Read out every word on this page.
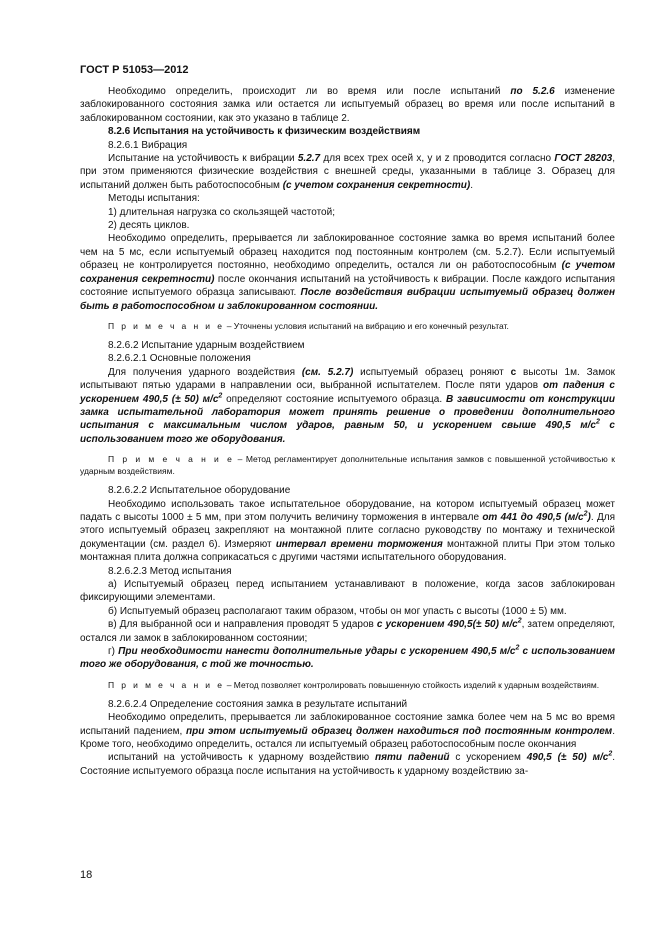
ГОСТ Р 51053—2012

Необходимо определить, происходит ли во время или после испытаний по 5.2.6 изменение заблокированного состояния замка или остается ли испытуемый образец во время или после испытаний в заблокированном состоянии, как это указано в таблице 2.

8.2.6 Испытания на устойчивость к физическим воздействиям

8.2.6.1 Вибрация

Испытание на устойчивость к вибрации 5.2.7 для всех трех осей x, y и z проводится согласно ГОСТ 28203, при этом применяются физические воздействия с внешней среды, указанными в таблице 3. Образец для испытаний должен быть работоспособным (с учетом сохранения секретности).

Методы испытания:

1) длительная нагрузка со скользящей частотой;

2) десять циклов.

Необходимо определить, прерывается ли заблокированное состояние замка во время испытаний более чем на 5 мс, если испытуемый образец находится под постоянным контролем (см. 5.2.7). Если испытуемый образец не контролируется постоянно, необходимо определить, остался ли он работоспособным (с учетом сохранения секретности) после окончания испытаний на устойчивость к вибрации. После каждого испытания состояние испытуемого образца записывают. После воздействия вибрации испытуемый образец должен быть в работоспособном и заблокированном состоянии.

П р и м е ч а н и е – Уточнены условия испытаний на вибрацию и его конечный результат.

8.2.6.2 Испытание ударным воздействием

8.2.6.2.1 Основные положения

Для получения ударного воздействия (см. 5.2.7) испытуемый образец роняют с высоты 1м. Замок испытывают пятью ударами в направлении оси, выбранной испытателем. После пяти ударов от падения с ускорением 490,5 (± 50) $м/с^2$ определяют состояние испытуемого образца. В зависимости от конструкции замка испытательной лаборатория может принять решение о проведении дополнительного испытания с максимальным числом ударов, равным 50, и ускорением свыше 490,5 $м/с^2$ с использованием того же оборудования.

П р и м е ч а н и е – Метод регламентирует дополнительные испытания замков с повышенной устойчивостью к ударным воздействиям.

8.2.6.2.2 Испытательное оборудование

Необходимо использовать такое испытательное оборудование, на котором испытуемый образец может падать с высоты 1000 ± 5 мм, при этом получить величину торможения в интервале от 441 до 490,5 $(м/с^2)$. Для этого испытуемый образец закрепляют на монтажной плите согласно руководству по монтажу и технической документации (см. раздел 6). Измеряют интервал времени торможения монтажной плиты При этом только монтажная плита должна соприкасаться с другими частями испытательного оборудования.

8.2.6.2.3 Метод испытания

а) Испытуемый образец перед испытанием устанавливают в положение, когда засов заблокирован фиксирующими элементами.

б) Испытуемый образец располагают таким образом, чтобы он мог упасть с высоты (1000 ± 5) мм.

в) Для выбранной оси и направления проводят 5 ударов с ускорением 490,5(± 50) $м/с^2$, затем определяют, остался ли замок в заблокированном состоянии;

г) При необходимости нанести дополнительные удары с ускорением 490,5 $м/с^2$ с использованием того же оборудования, с той же точностью.

П р и м е ч а н и е – Метод позволяет контролировать повышенную стойкость изделий к ударным воздействиям.

8.2.6.2.4 Определение состояния замка в результате испытаний

Необходимо определить, прерывается ли заблокированное состояние замка более чем на 5 мс во время испытаний падением, при этом испытуемый образец должен находиться под постоянным контролем. Кроме того, необходимо определить, остался ли испытуемый образец работоспособным после окончания

испытаний на устойчивость к ударному воздействию пяти падений с ускорением 490,5 (± 50) $м/с^2$. Состояние испытуемого образца после испытания на устойчивость к ударному воздействию за-

18
